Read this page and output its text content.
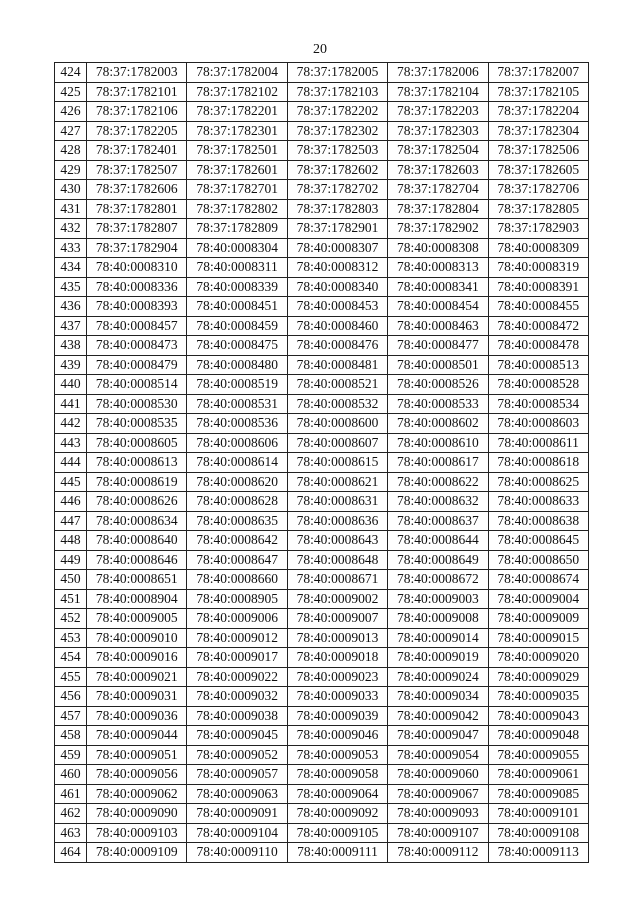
20
424	78:37:1782003	78:37:1782004	78:37:1782005	78:37:1782006	78:37:1782007
425	78:37:1782101	78:37:1782102	78:37:1782103	78:37:1782104	78:37:1782105
426	78:37:1782106	78:37:1782201	78:37:1782202	78:37:1782203	78:37:1782204
427	78:37:1782205	78:37:1782301	78:37:1782302	78:37:1782303	78:37:1782304
428	78:37:1782401	78:37:1782501	78:37:1782503	78:37:1782504	78:37:1782506
429	78:37:1782507	78:37:1782601	78:37:1782602	78:37:1782603	78:37:1782605
430	78:37:1782606	78:37:1782701	78:37:1782702	78:37:1782704	78:37:1782706
431	78:37:1782801	78:37:1782802	78:37:1782803	78:37:1782804	78:37:1782805
432	78:37:1782807	78:37:1782809	78:37:1782901	78:37:1782902	78:37:1782903
433	78:37:1782904	78:40:0008304	78:40:0008307	78:40:0008308	78:40:0008309
434	78:40:0008310	78:40:0008311	78:40:0008312	78:40:0008313	78:40:0008319
435	78:40:0008336	78:40:0008339	78:40:0008340	78:40:0008341	78:40:0008391
436	78:40:0008393	78:40:0008451	78:40:0008453	78:40:0008454	78:40:0008455
437	78:40:0008457	78:40:0008459	78:40:0008460	78:40:0008463	78:40:0008472
438	78:40:0008473	78:40:0008475	78:40:0008476	78:40:0008477	78:40:0008478
439	78:40:0008479	78:40:0008480	78:40:0008481	78:40:0008501	78:40:0008513
440	78:40:0008514	78:40:0008519	78:40:0008521	78:40:0008526	78:40:0008528
441	78:40:0008530	78:40:0008531	78:40:0008532	78:40:0008533	78:40:0008534
442	78:40:0008535	78:40:0008536	78:40:0008600	78:40:0008602	78:40:0008603
443	78:40:0008605	78:40:0008606	78:40:0008607	78:40:0008610	78:40:0008611
444	78:40:0008613	78:40:0008614	78:40:0008615	78:40:0008617	78:40:0008618
445	78:40:0008619	78:40:0008620	78:40:0008621	78:40:0008622	78:40:0008625
446	78:40:0008626	78:40:0008628	78:40:0008631	78:40:0008632	78:40:0008633
447	78:40:0008634	78:40:0008635	78:40:0008636	78:40:0008637	78:40:0008638
448	78:40:0008640	78:40:0008642	78:40:0008643	78:40:0008644	78:40:0008645
449	78:40:0008646	78:40:0008647	78:40:0008648	78:40:0008649	78:40:0008650
450	78:40:0008651	78:40:0008660	78:40:0008671	78:40:0008672	78:40:0008674
451	78:40:0008904	78:40:0008905	78:40:0009002	78:40:0009003	78:40:0009004
452	78:40:0009005	78:40:0009006	78:40:0009007	78:40:0009008	78:40:0009009
453	78:40:0009010	78:40:0009012	78:40:0009013	78:40:0009014	78:40:0009015
454	78:40:0009016	78:40:0009017	78:40:0009018	78:40:0009019	78:40:0009020
455	78:40:0009021	78:40:0009022	78:40:0009023	78:40:0009024	78:40:0009029
456	78:40:0009031	78:40:0009032	78:40:0009033	78:40:0009034	78:40:0009035
457	78:40:0009036	78:40:0009038	78:40:0009039	78:40:0009042	78:40:0009043
458	78:40:0009044	78:40:0009045	78:40:0009046	78:40:0009047	78:40:0009048
459	78:40:0009051	78:40:0009052	78:40:0009053	78:40:0009054	78:40:0009055
460	78:40:0009056	78:40:0009057	78:40:0009058	78:40:0009060	78:40:0009061
461	78:40:0009062	78:40:0009063	78:40:0009064	78:40:0009067	78:40:0009085
462	78:40:0009090	78:40:0009091	78:40:0009092	78:40:0009093	78:40:0009101
463	78:40:0009103	78:40:0009104	78:40:0009105	78:40:0009107	78:40:0009108
464	78:40:0009109	78:40:0009110	78:40:0009111	78:40:0009112	78:40:0009113
